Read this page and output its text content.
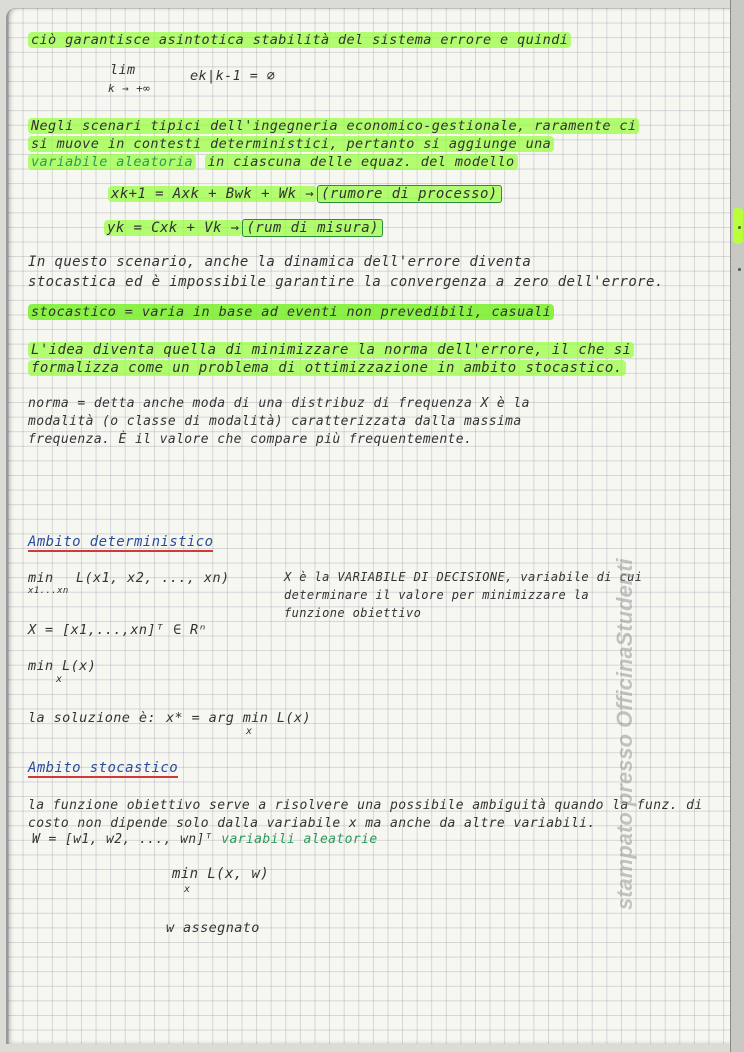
ciò garantisce asintotica stabilità del sistema errore e quindi
lim
k → +∞
ek|k-1 = ∅
Negli scenari tipici dell'ingegneria economico-gestionale, raramente ci
si muove in contesti deterministici, pertanto si aggiunge una
variabile aleatoria in ciascuna delle equaz. del modello
xk+1 = Axk + Bwk + Wk → (rumore di processo)
yk = Cxk + Vk → (rum di misura)
In questo scenario, anche la dinamica dell'errore diventa
stocastica ed è impossibile garantire la convergenza a zero dell'errore.
stocastico = varia in base ad eventi non prevedibili, casuali
L'idea diventa quella di minimizzare la norma dell'errore, il che si
formalizza come un problema di ottimizzazione in ambito stocastico.
norma = detta anche moda di una distribuz di frequenza X è la
modalità (o classe di modalità) caratterizzata dalla massima
frequenza. È il valore che compare più frequentemente.
Ambito deterministico
min
x1...xn
L(x1, x2, ..., xn)	X è la VARIABILE DI DECISIONE, variabile di cui
determinare il valore per minimizzare la
funzione obiettivo
X = [x1,...,xn]ᵀ ∈ Rⁿ
min L(x)
x
la soluzione è: x* = arg min L(x)
x
Ambito stocastico
la funzione obiettivo serve a risolvere una possibile ambiguità quando la funz. di
costo non dipende solo dalla variabile x ma anche da altre variabili.
W = [w1, w2, ..., wn]ᵀ variabili aleatorie
min L(x, w)
x
w assegnato
stampato presso OfficinaStudenti
